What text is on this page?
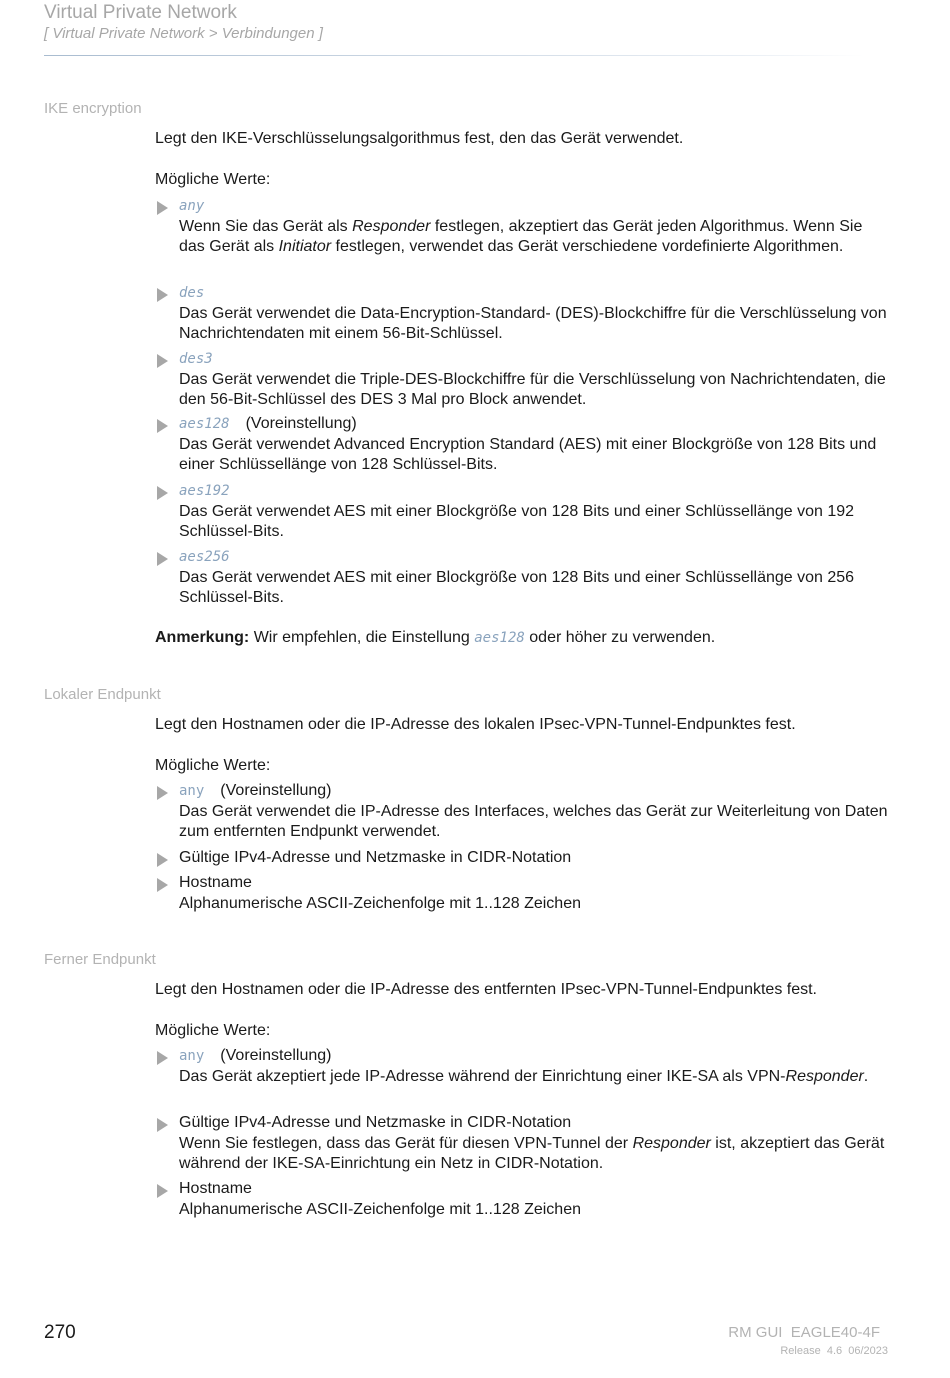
Virtual Private Network
[ Virtual Private Network > Verbindungen ]
IKE encryption
Legt den IKE-Verschlüsselungsalgorithmus fest, den das Gerät verwendet.
Mögliche Werte:
any
Wenn Sie das Gerät als Responder festlegen, akzeptiert das Gerät jeden Algorithmus. Wenn Sie das Gerät als Initiator festlegen, verwendet das Gerät verschiedene vordefinierte Algorithmen.
des
Das Gerät verwendet die Data-Encryption-Standard- (DES)-Blockchiffre für die Verschlüsselung von Nachrichtendaten mit einem 56-Bit-Schlüssel.
des3
Das Gerät verwendet die Triple-DES-Blockchiffre für die Verschlüsselung von Nachrichtendaten, die den 56-Bit-Schlüssel des DES 3 Mal pro Block anwendet.
aes128 (Voreinstellung)
Das Gerät verwendet Advanced Encryption Standard (AES) mit einer Blockgröße von 128 Bits und einer Schlüssellänge von 128 Schlüssel-Bits.
aes192
Das Gerät verwendet AES mit einer Blockgröße von 128 Bits und einer Schlüssellänge von 192 Schlüssel-Bits.
aes256
Das Gerät verwendet AES mit einer Blockgröße von 128 Bits und einer Schlüssellänge von 256 Schlüssel-Bits.
Anmerkung: Wir empfehlen, die Einstellung aes128 oder höher zu verwenden.
Lokaler Endpunkt
Legt den Hostnamen oder die IP-Adresse des lokalen IPsec-VPN-Tunnel-Endpunktes fest.
Mögliche Werte:
any (Voreinstellung)
Das Gerät verwendet die IP-Adresse des Interfaces, welches das Gerät zur Weiterleitung von Daten zum entfernten Endpunkt verwendet.
Gültige IPv4-Adresse und Netzmaske in CIDR-Notation
Hostname
Alphanumerische ASCII-Zeichenfolge mit 1..128 Zeichen
Ferner Endpunkt
Legt den Hostnamen oder die IP-Adresse des entfernten IPsec-VPN-Tunnel-Endpunktes fest.
Mögliche Werte:
any (Voreinstellung)
Das Gerät akzeptiert jede IP-Adresse während der Einrichtung einer IKE-SA als VPN-Responder.
Gültige IPv4-Adresse und Netzmaske in CIDR-Notation
Wenn Sie festlegen, dass das Gerät für diesen VPN-Tunnel der Responder ist, akzeptiert das Gerät während der IKE-SA-Einrichtung ein Netz in CIDR-Notation.
Hostname
Alphanumerische ASCII-Zeichenfolge mit 1..128 Zeichen
270	RM GUI  EAGLE40-4F
Release  4.6  06/2023
